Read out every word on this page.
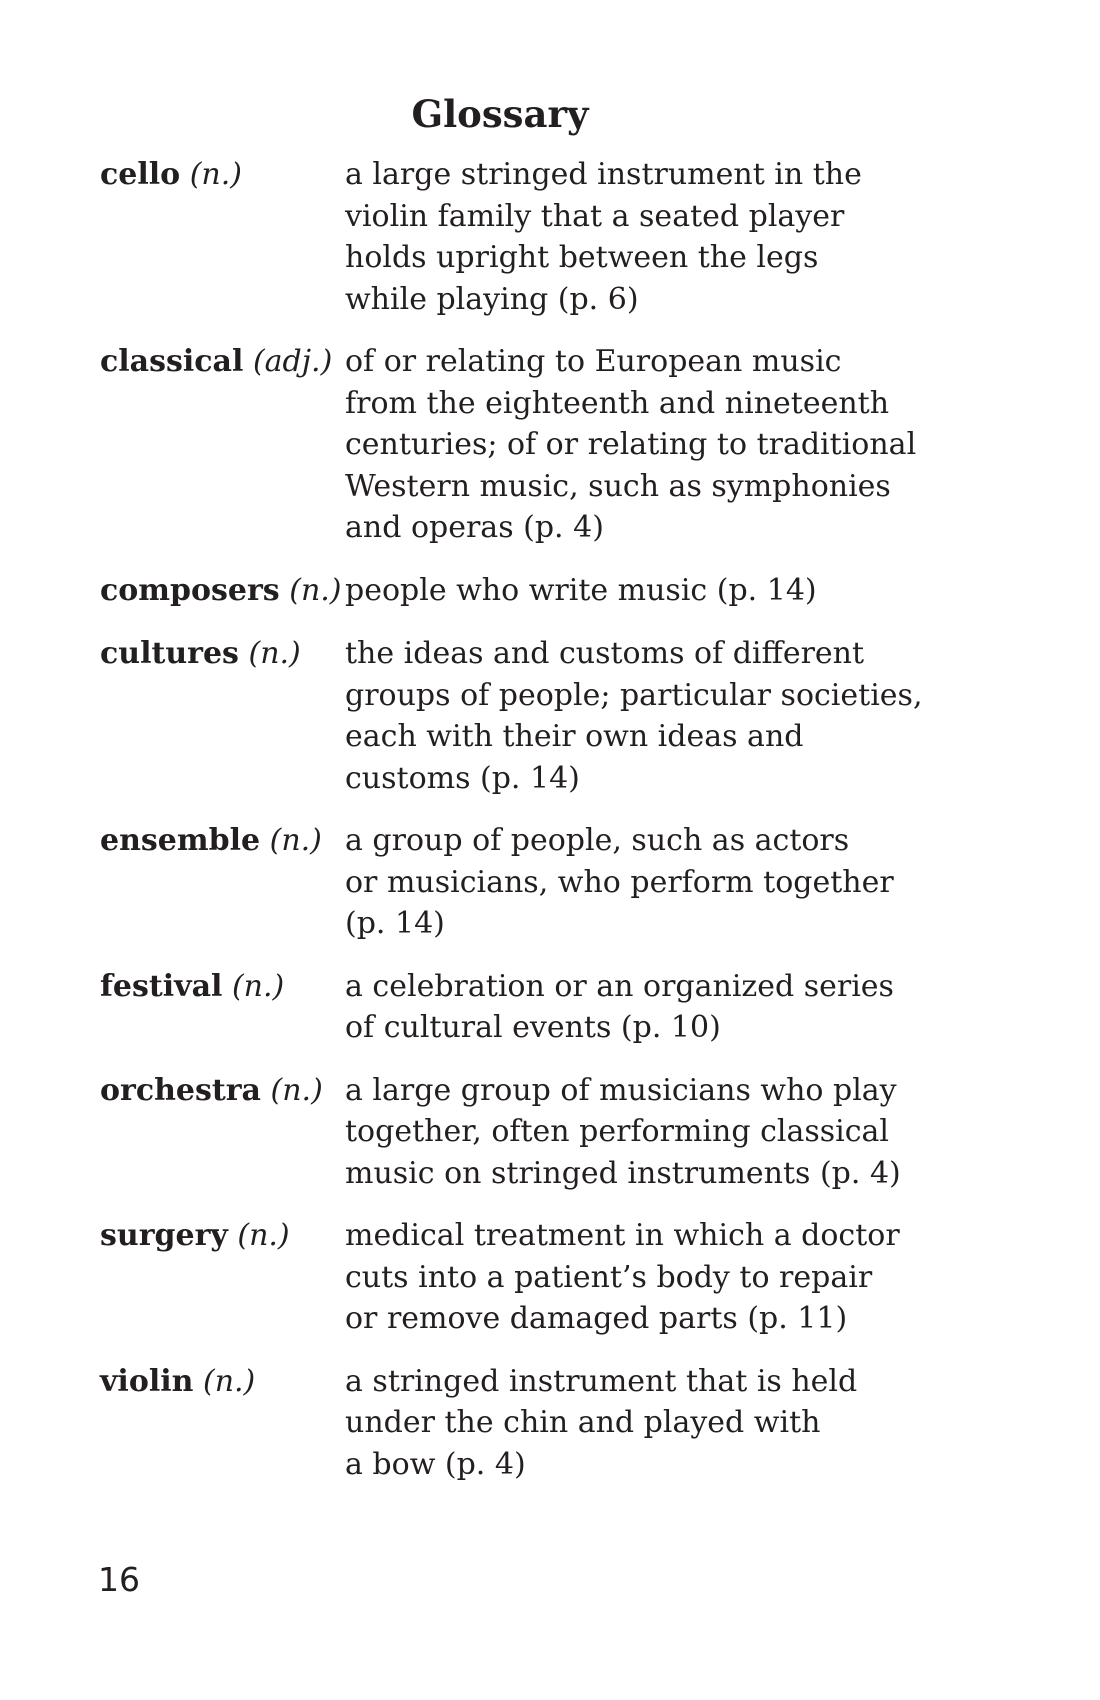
Glossary
cello (n.)	a large stringed instrument in the
violin family that a seated player
holds upright between the legs
while playing (p. 6)
classical (adj.) of or relating to European music
from the eighteenth and nineteenth
centuries; of or relating to traditional
Western music, such as symphonies
and operas (p. 4)
composers (n.) people who write music (p. 14)
cultures (n.)	the ideas and customs of different
groups of people; particular societies,
each with their own ideas and
customs (p. 14)
ensemble (n.) a group of people, such as actors
or musicians, who perform together
(p. 14)
festival (n.)	a celebration or an organized series
of cultural events (p. 10)
orchestra (n.) a large group of musicians who play
together, often performing classical
music on stringed instruments (p. 4)
surgery (n.)	medical treatment in which a doctor
cuts into a patient’s body to repair
or remove damaged parts (p. 11)
violin (n.)	a stringed instrument that is held
under the chin and played with
a bow (p. 4)
16
